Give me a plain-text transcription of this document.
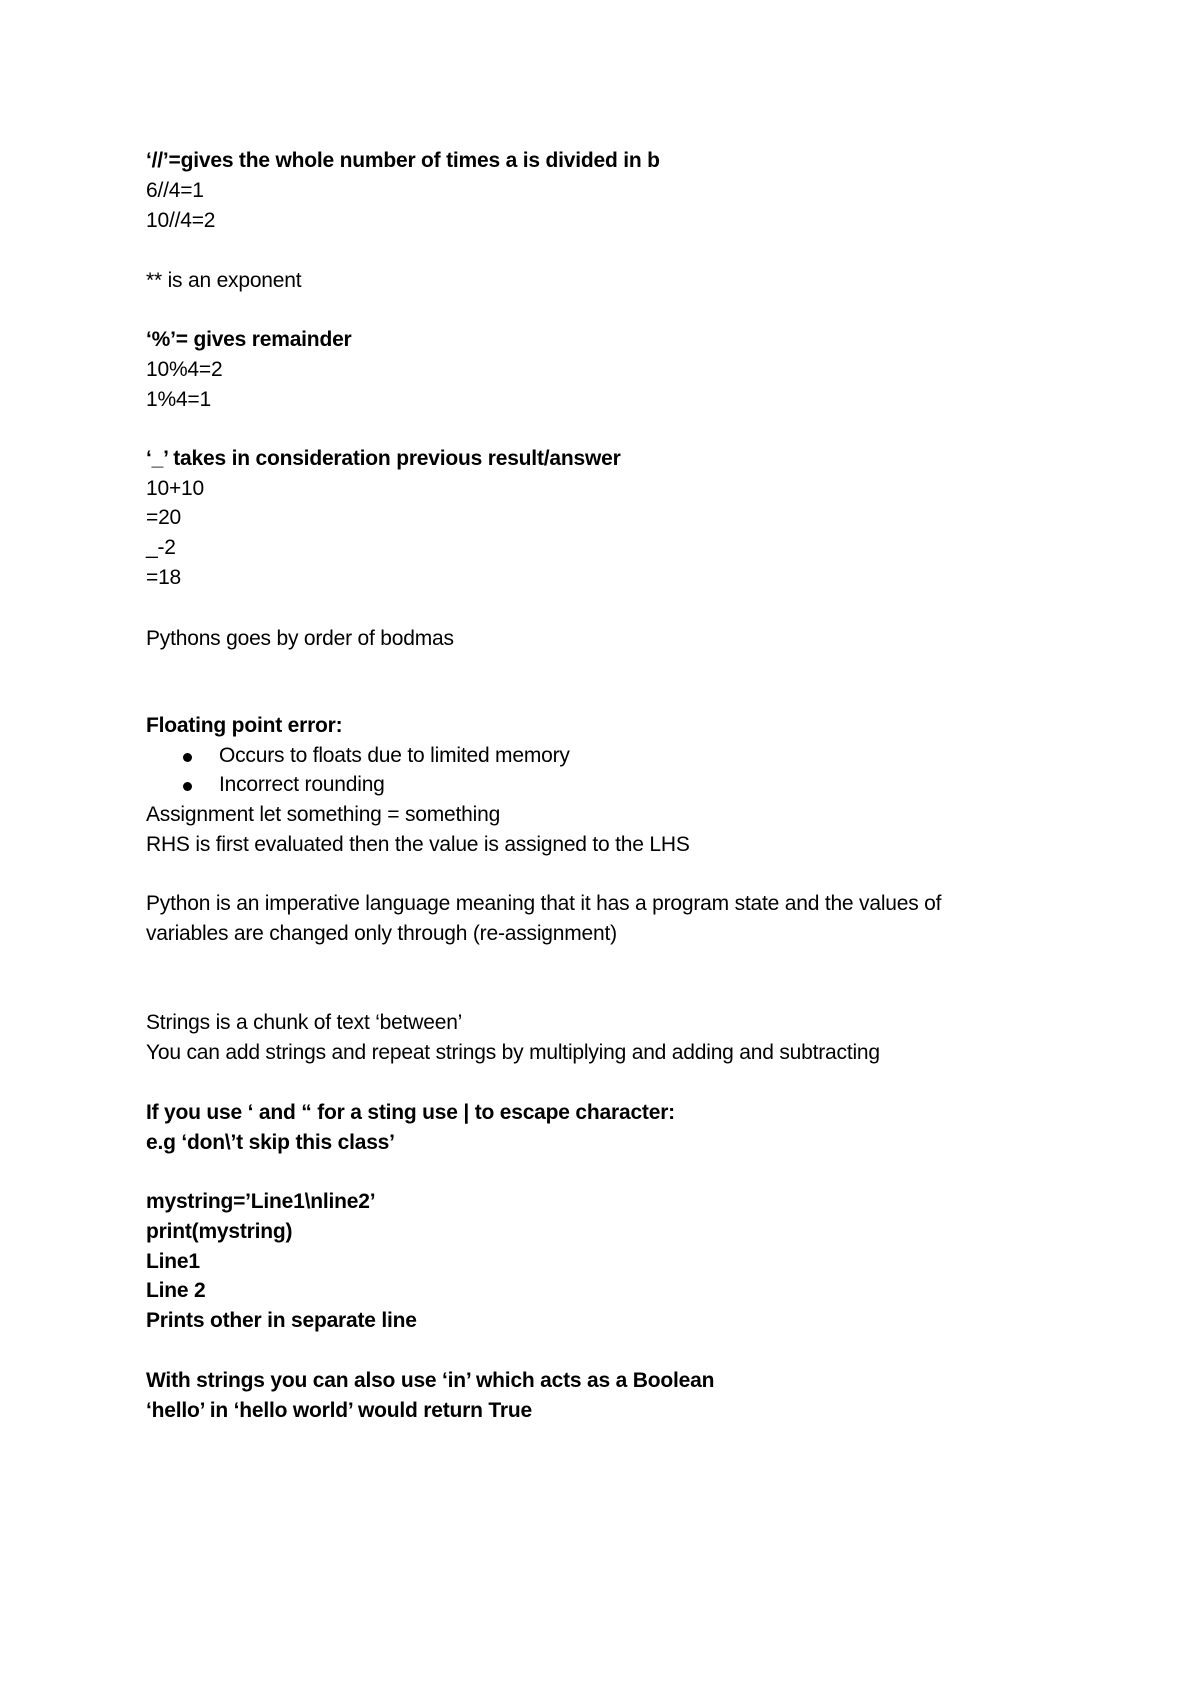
‘//’=gives the whole number of times a is divided in b
6//4=1
10//4=2
** is an exponent
‘%’= gives remainder
10%4=2
1%4=1
‘_’ takes in consideration previous result/answer
10+10
=20
_-2
=18
Pythons goes by order of bodmas
Floating point error:
Occurs to floats due to limited memory
Incorrect rounding
Assignment let something = something
RHS is first evaluated then the value is assigned to the LHS
Python is an imperative language meaning that it has a program state and the values of
variables are changed only through (re-assignment)
Strings is a chunk of text ‘between’
You can add strings and repeat strings by multiplying and adding and subtracting
If you use ‘ and “ for a sting use | to escape character:
e.g ‘don\’t skip this class’
mystring=’Line1\nline2’
print(mystring)
Line1
Line 2
Prints other in separate line
With strings you can also use ‘in’ which acts as a Boolean
‘hello’ in ‘hello world’ would return True
